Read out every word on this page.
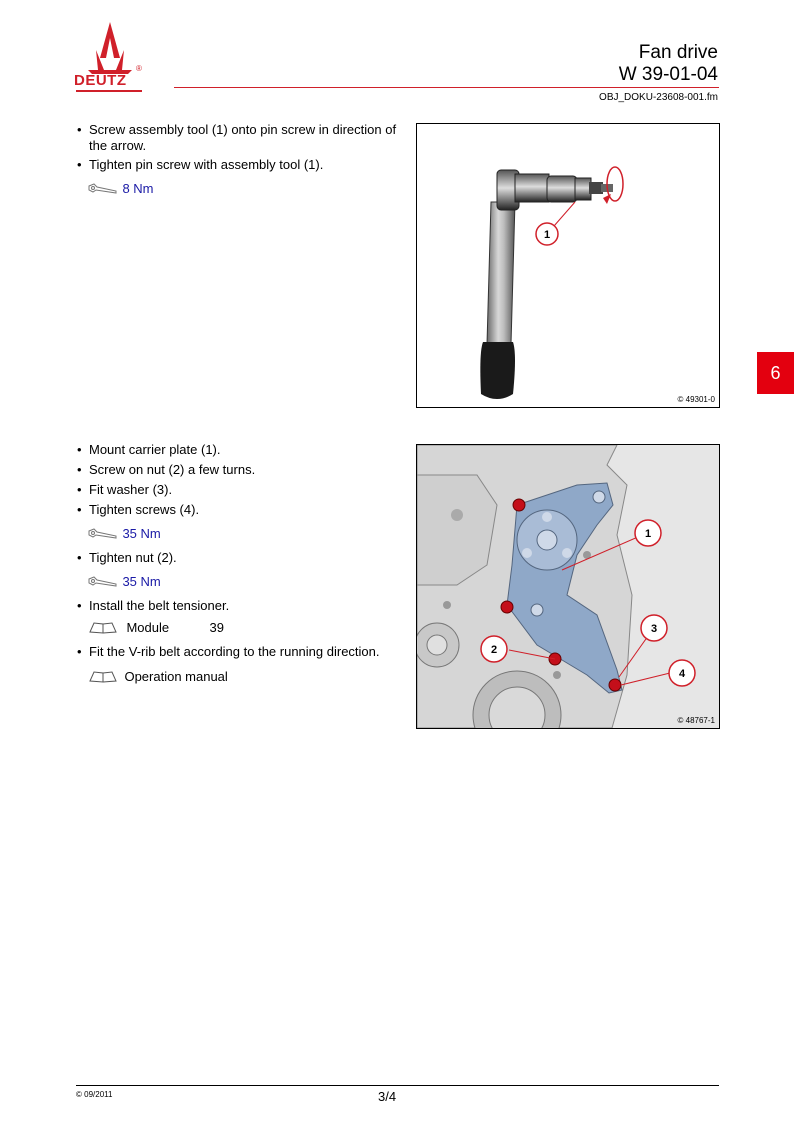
DEUTZ
®
Fan drive
W 39-01-04
OBJ_DOKU-23608-001.fm
6
• Screw assembly tool (1) onto pin screw in direction of the arrow.
• Tighten pin screw with assembly tool (1).
8 Nm
1
© 49301-0
• Mount carrier plate (1).
• Screw on nut (2) a few turns.
• Fit washer (3).
• Tighten screws (4).
35 Nm
• Tighten nut (2).
35 Nm
• Install the belt tensioner.
Module	39
• Fit the V-rib belt according to the running direction.
Operation manual
1
2
3
4
© 48767-1
© 09/2011	3/4
